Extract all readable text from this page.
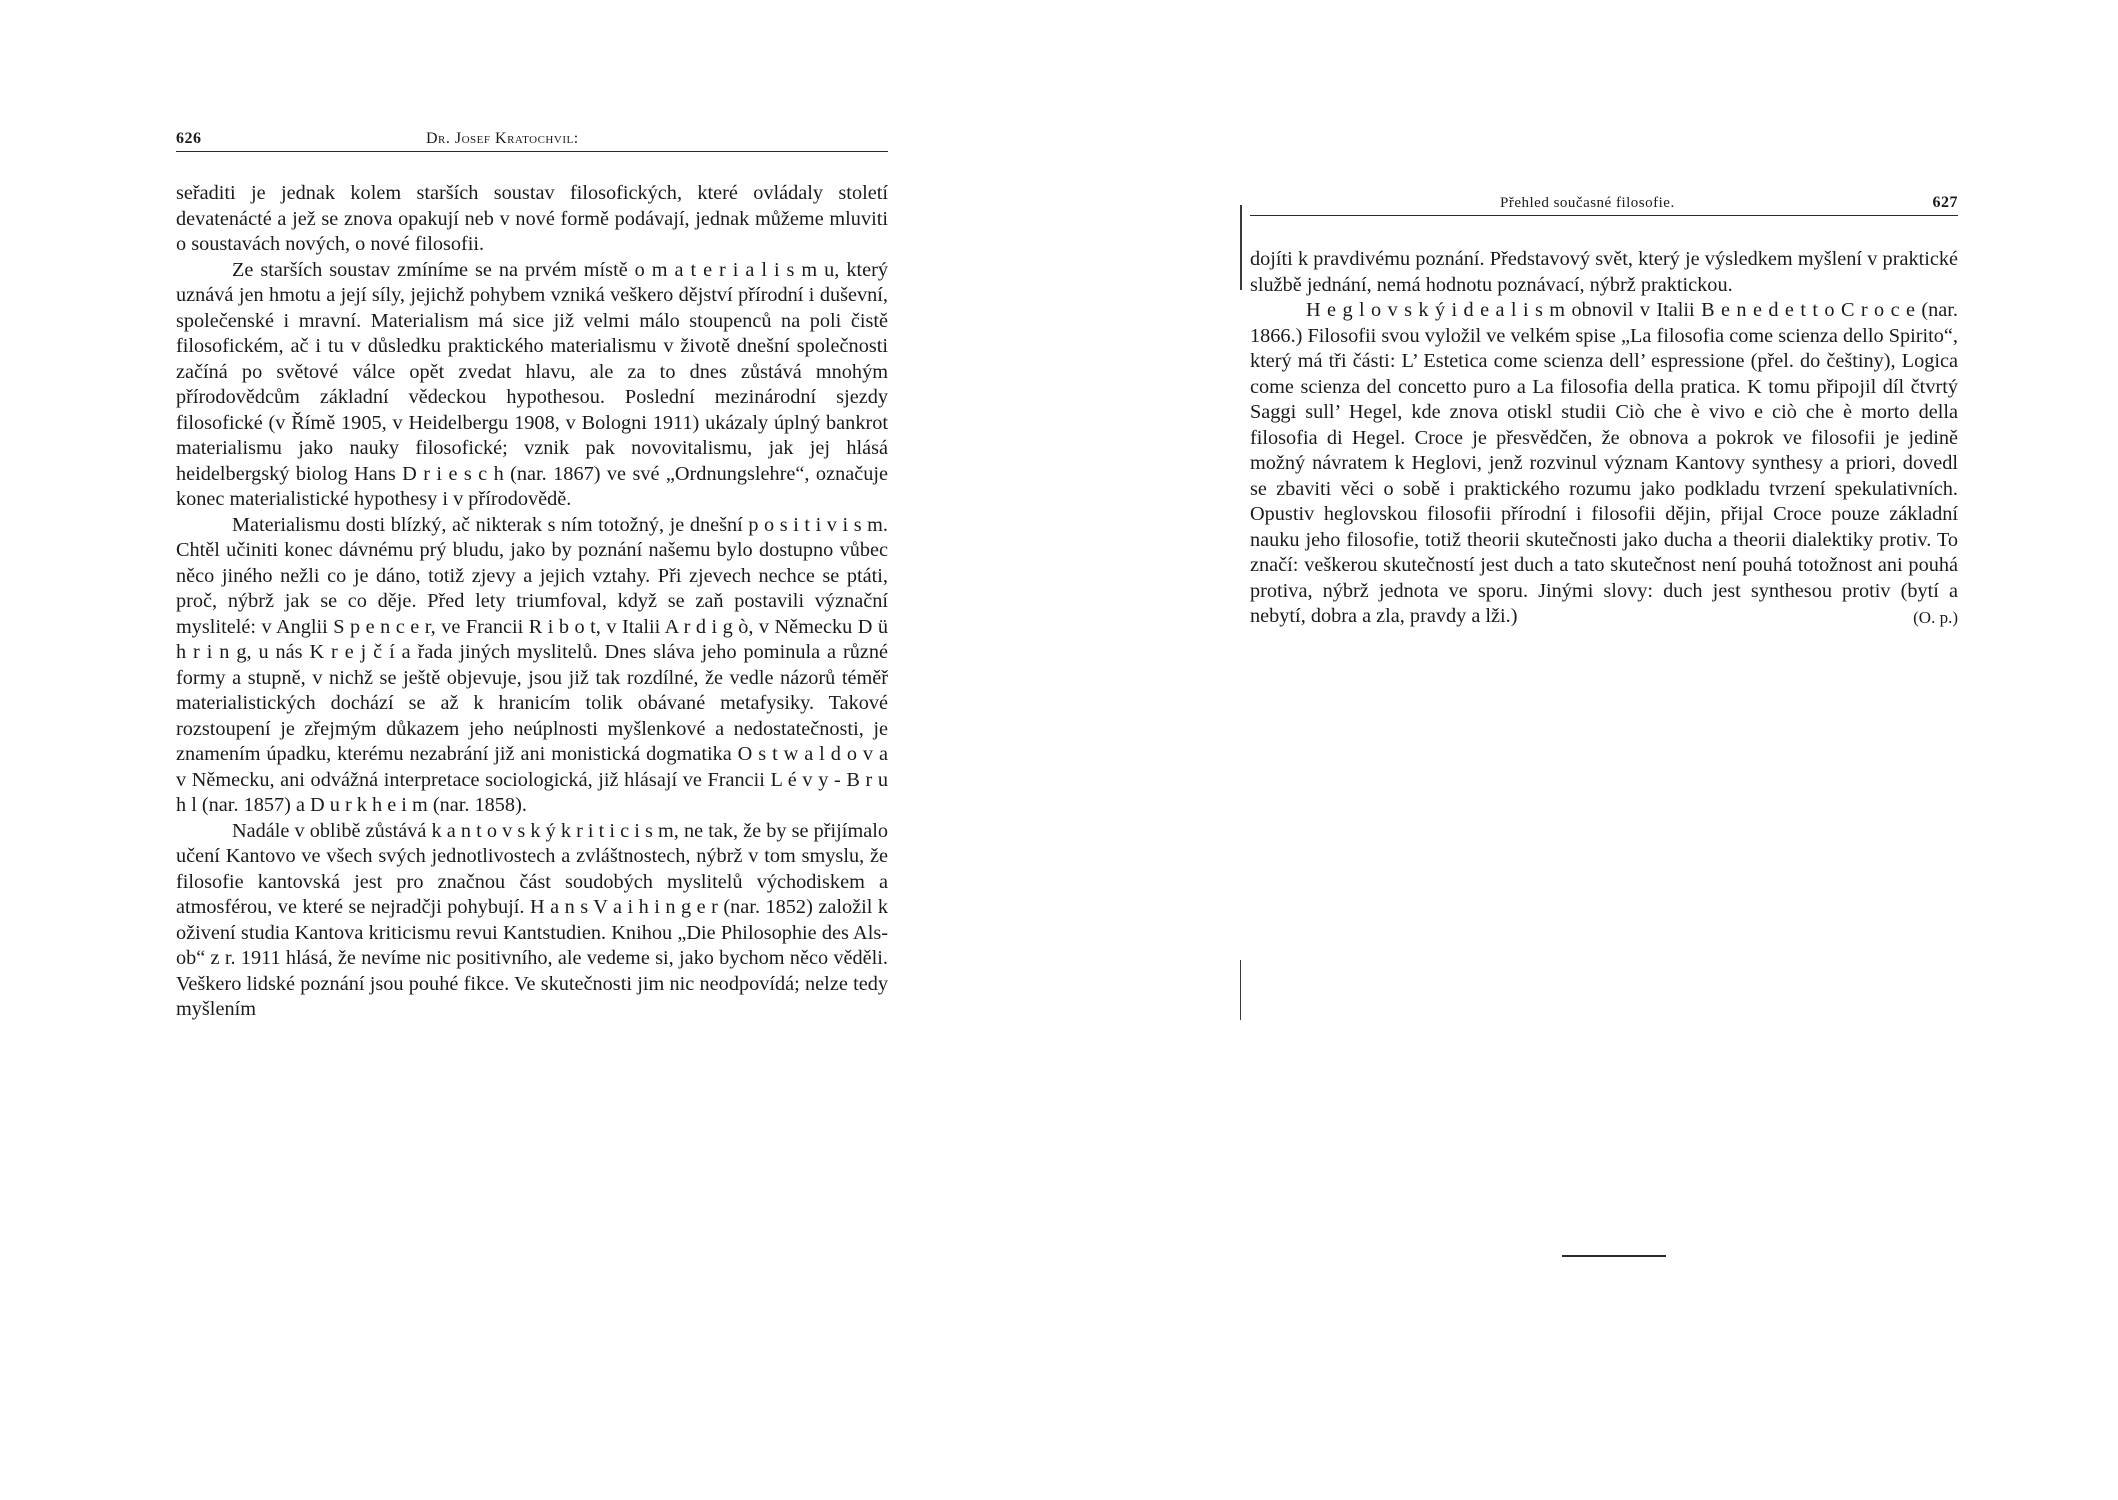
626	Dr. Josef Kratochvil:

seřaditi je jednak kolem starších soustav filosofických, které ovládaly století devatenácté a jež se znova opakují neb v nové formě podávají, jednak můžeme mluviti o soustavách nových, o nové filosofii.

Ze starších soustav zmíníme se na prvém místě o m a t e r i a l i s m u, který uznává jen hmotu a její síly, jejichž pohybem vzniká veškero dějství přírodní i duševní, společenské i mravní. Materialism má sice již velmi málo stoupenců na poli čistě filosofickém, ač i tu v důsledku praktického materialismu v životě dnešní společnosti začíná po světové válce opět zvedat hlavu, ale za to dnes zůstává mnohým přírodovědcům základní vědeckou hypothesou. Poslední mezinárodní sjezdy filosofické (v Římě 1905, v Heidelbergu 1908, v Bologni 1911) ukázaly úplný bankrot materialismu jako nauky filosofické; vznik pak novovitalismu, jak jej hlásá heidelbergský biolog Hans D r i e s c h (nar. 1867) ve své „Ordnungslehre“, označuje konec materialistické hypothesy i v přírodovědě.

Materialismu dosti blízký, ač nikterak s ním totožný, je dnešní p o s i t i v i s m. Chtěl učiniti konec dávnému prý bludu, jako by poznání našemu bylo dostupno vůbec něco jiného nežli co je dáno, totiž zjevy a jejich vztahy. Při zjevech nechce se ptáti, proč, nýbrž jak se co děje. Před lety triumfoval, když se zaň postavili význační myslitelé: v Anglii S p e n c e r, ve Francii R i b o t, v Italii A r d i g ò, v Německu D ü h r i n g, u nás K r e j č í a řada jiných myslitelů. Dnes sláva jeho pominula a různé formy a stupně, v nichž se ještě objevuje, jsou již tak rozdílné, že vedle názorů téměř materialistických dochází se až k hranicím tolik obávané metafysiky. Takové rozstoupení je zřejmým důkazem jeho neúplnosti myšlenkové a nedostatečnosti, je znamením úpadku, kterému nezabrání již ani monistická dogmatika O s t w a l d o v a v Německu, ani odvážná interpretace sociologická, již hlásají ve Francii L é v y - B r u h l (nar. 1857) a D u r k h e i m (nar. 1858).

Nadále v oblibě zůstává k a n t o v s k ý k r i t i c i s m, ne tak, že by se přijímalo učení Kantovo ve všech svých jednotlivostech a zvláštnostech, nýbrž v tom smyslu, že filosofie kantovská jest pro značnou část soudobých myslitelů východiskem a atmosférou, ve které se nejradčji pohybují. H a n s V a i h i n g e r (nar. 1852) založil k oživení studia Kantova kriticismu revui Kantstudien. Knihou „Die Philosophie des Als-ob“ z r. 1911 hlásá, že nevíme nic positivního, ale vedeme si, jako bychom něco věděli. Veškero lidské poznání jsou pouhé fikce. Ve skutečnosti jim nic neodpovídá; nelze tedy myšlením

Přehled současné filosofie.	627

dojíti k pravdivému poznání. Představový svět, který je výsledkem myšlení v praktické službě jednání, nemá hodnotu poznávací, nýbrž praktickou.

H e g l o v s k ý i d e a l i s m obnovil v Italii B e n e d e t t o C r o c e (nar. 1866.) Filosofii svou vyložil ve velkém spise „La filosofia come scienza dello Spirito“, který má tři části: L’ Estetica come scienza dell’ espressione (přel. do češtiny), Logica come scienza del concetto puro a La filosofia della pratica. K tomu připojil díl čtvrtý Saggi sull’ Hegel, kde znova otiskl studii Ciò che è vivo e ciò che è morto della filosofia di Hegel. Croce je přesvědčen, že obnova a pokrok ve filosofii je jedině možný návratem k Heglovi, jenž rozvinul význam Kantovy synthesy a priori, dovedl se zbaviti věci o sobě i praktického rozumu jako podkladu tvrzení spekulativních. Opustiv heglovskou filosofii přírodní i filosofii dějin, přijal Croce pouze základní nauku jeho filosofie, totiž theorii skutečnosti jako ducha a theorii dialektiky protiv. To značí: veškerou skutečností jest duch a tato skutečnost není pouhá totožnost ani pouhá protiva, nýbrž jednota ve sporu. Jinými slovy: duch jest synthesou protiv (bytí a nebytí, dobra a zla, pravdy a lži.)	(O. p.)
